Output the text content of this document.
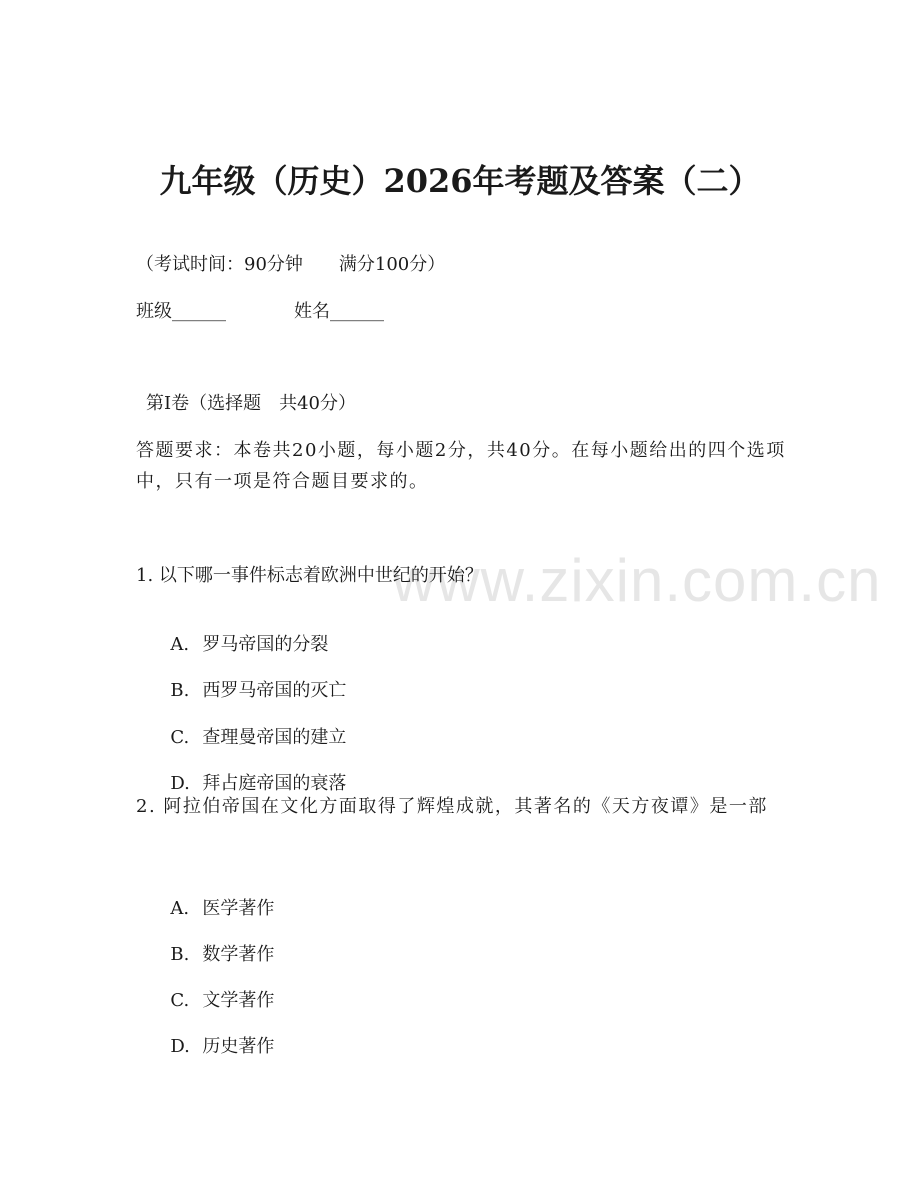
www.zixin.com.cn
九年级（历史）2026年考题及答案（二）
（考试时间：90分钟　　满分100分）
班级______	姓名______
第I卷（选择题　共40分）
答题要求：本卷共20小题，每小题2分，共40分。在每小题给出的四个选项中，只有一项是符合题目要求的。
1. 以下哪一事件标志着欧洲中世纪的开始？

A. 罗马帝国的分裂

B. 西罗马帝国的灭亡

C. 查理曼帝国的建立

D. 拜占庭帝国的衰落

2. 阿拉伯帝国在文化方面取得了辉煌成就，其著名的《天方夜谭》是一部

A. 医学著作

B. 数学著作

C. 文学著作

D. 历史著作
